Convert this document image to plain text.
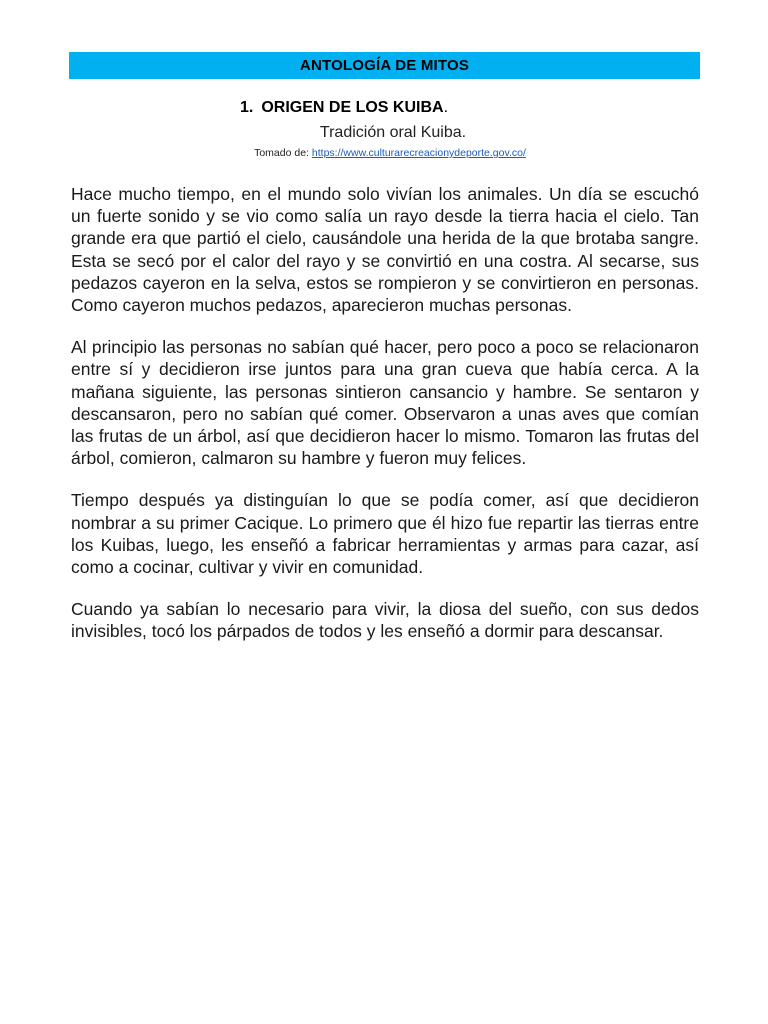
ANTOLOGÍA DE MITOS
1. ORIGEN DE LOS KUIBA .
Tradición oral Kuiba.
Tomado de: https://www.culturarecreacionydeporte.gov.co/

Hace mucho tiempo, en el mundo solo vivían los animales. Un día se escuchó un fuerte sonido y se vio como salía un rayo desde la tierra hacia el cielo. Tan grande era que partió el cielo, causándole una herida de la que brotaba sangre. Esta se secó por el calor del rayo y se convirtió en una costra. Al secarse, sus pedazos cayeron en la selva, estos se rompieron y se convirtieron en personas. Como cayeron muchos pedazos, aparecieron muchas personas.

Al principio las personas no sabían qué hacer, pero poco a poco se relacionaron entre sí y decidieron irse juntos para una gran cueva que había cerca. A la mañana siguiente, las personas sintieron cansancio y hambre. Se sentaron y descansaron, pero no sabían qué comer. Observaron a unas aves que comían las frutas de un árbol, así que decidieron hacer lo mismo. Tomaron las frutas del árbol, comieron, calmaron su hambre y fueron muy felices.

Tiempo después ya distinguían lo que se podía comer, así que decidieron nombrar a su primer Cacique. Lo primero que él hizo fue repartir las tierras entre los Kuibas, luego, les enseñó a fabricar herramientas y armas para cazar, así como a cocinar, cultivar y vivir en comunidad.

Cuando ya sabían lo necesario para vivir, la diosa del sueño, con sus dedos invisibles, tocó los párpados de todos y les enseñó a dormir para descansar.
